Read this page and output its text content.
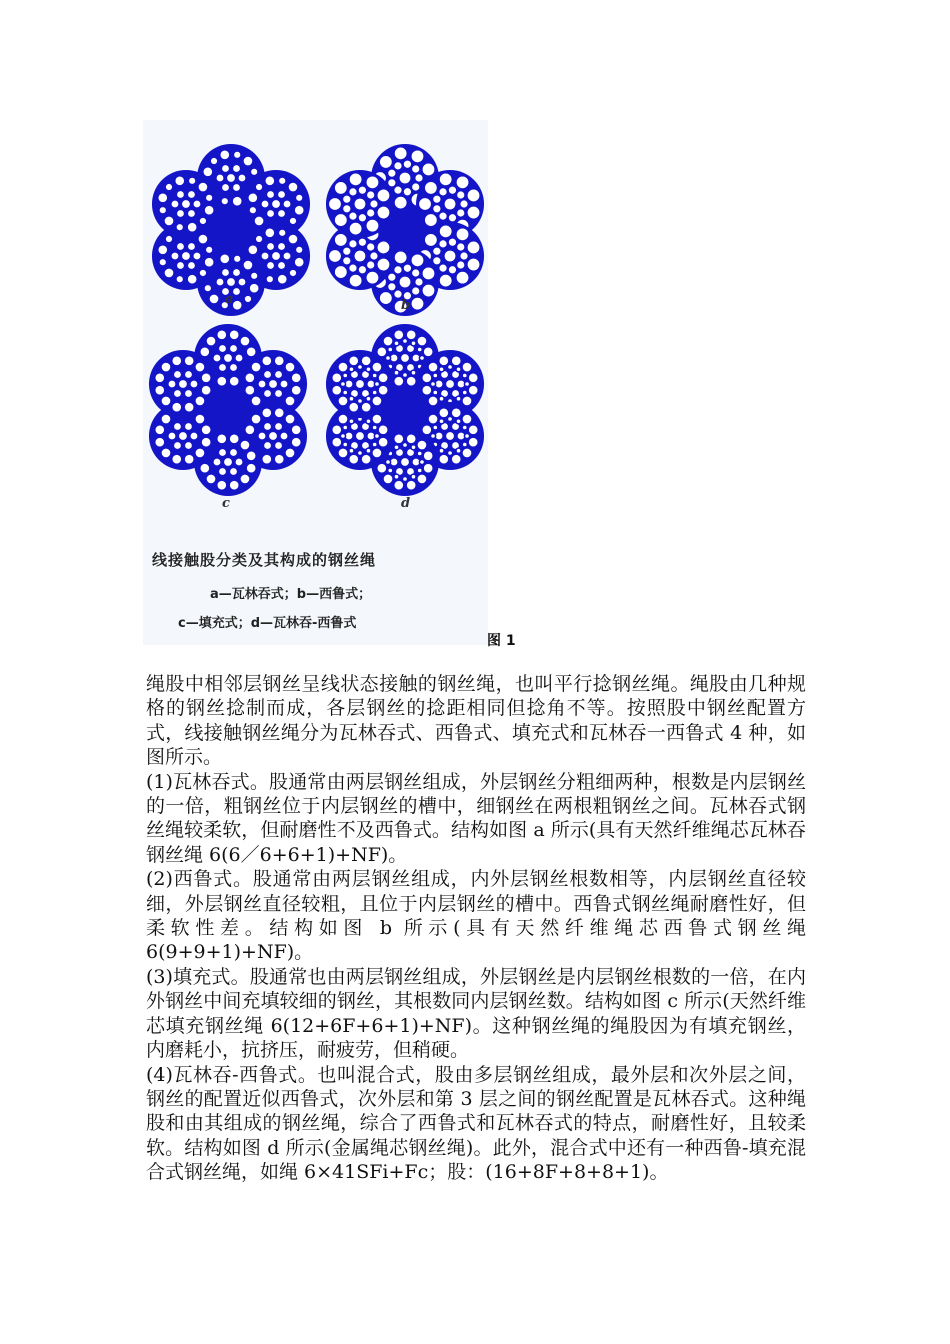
a	b
c	d
线接触股分类及其构成的钢丝绳
a—瓦林吞式；b—西鲁式；
c—填充式；d—瓦林吞-西鲁式
图 1

绳股中相邻层钢丝呈线状态接触的钢丝绳，也叫平行捻钢丝绳。绳股由几种规格的钢丝捻制而成，各层钢丝的捻距相同但捻角不等。按照股中钢丝配置方式，线接触钢丝绳分为瓦林吞式、西鲁式、填充式和瓦林吞一西鲁式 4 种，如图所示。

(1)瓦林吞式。股通常由两层钢丝组成，外层钢丝分粗细两种，根数是内层钢丝的一倍，粗钢丝位于内层钢丝的槽中，细钢丝在两根粗钢丝之间。瓦林吞式钢丝绳较柔软，但耐磨性不及西鲁式。结构如图 a 所示(具有天然纤维绳芯瓦林吞钢丝绳 6(6／6+6+1)+NF)。

(2)西鲁式。股通常由两层钢丝组成，内外层钢丝根数相等，内层钢丝直径较细，外层钢丝直径较粗，且位于内层钢丝的槽中。西鲁式钢丝绳耐磨性好，但柔软性差。结构如图 b 所示(具有天然纤维绳芯西鲁式钢丝绳 6(9+9+1)+NF)。

(3)填充式。股通常也由两层钢丝组成，外层钢丝是内层钢丝根数的一倍，在内外钢丝中间充填较细的钢丝，其根数同内层钢丝数。结构如图 c 所示(天然纤维芯填充钢丝绳 6(12+6F+6+1)+NF)。这种钢丝绳的绳股因为有填充钢丝，内磨耗小，抗挤压，耐疲劳，但稍硬。

(4)瓦林吞-西鲁式。也叫混合式，股由多层钢丝组成，最外层和次外层之间，钢丝的配置近似西鲁式，次外层和第 3 层之间的钢丝配置是瓦林吞式。这种绳股和由其组成的钢丝绳，综合了西鲁式和瓦林吞式的特点，耐磨性好，且较柔软。结构如图 d 所示(金属绳芯钢丝绳)。此外，混合式中还有一种西鲁-填充混合式钢丝绳，如绳 6×41SFi+Fc；股：(16+8F+8+8+1)。
